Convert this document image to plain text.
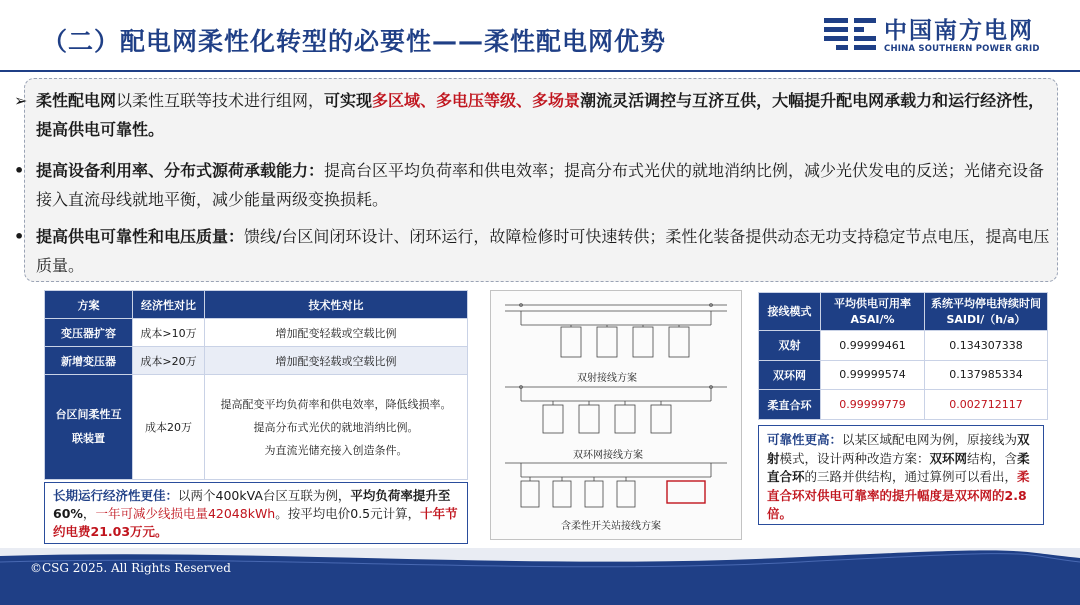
（二）配电网柔性化转型的必要性——柔性配电网优势	中国南方电网
CHINA SOUTHERN POWER GRID
➢ 柔性配电网以柔性互联等技术进行组网，可实现多区域、多电压等级、多场景潮流灵活调控与互济互供，大幅提升配电网承载力和运行经济性，提高供电可靠性。
• 提高设备利用率、分布式源荷承载能力：提高台区平均负荷率和供电效率；提高分布式光伏的就地消纳比例，减少光伏发电的反送；光储充设备接入直流母线就地平衡，减少能量两级变换损耗。
• 提高供电可靠性和电压质量：馈线/台区间闭环设计、闭环运行，故障检修时可快速转供；柔性化装备提供动态无功支持稳定节点电压，提高电压质量。
方案	经济性对比	技术性对比
变压器扩容	成本>10万	增加配变轻载或空载比例
新增变压器	成本>20万	增加配变轻载或空载比例
台区间柔性互联装置	成本20万	提高配变平均负荷率和供电效率，降低线损率。
提高分布式光伏的就地消纳比例。
为直流光储充接入创造条件。
长期运行经济性更佳：以两个400kVA台区互联为例，平均负荷率提升至60%，一年可减少线损电量42048kWh。按平均电价0.5元计算，十年节约电费21.03万元。
双射接线方案
双环网接线方案
含柔性开关站接线方案
接线模式	平均供电可用率ASAI/%	系统平均停电持续时间SAIDI/（h/a）
双射	0.99999461	0.134307338
双环网	0.99999574	0.137985334
柔直合环	0.99999779	0.002712117
可靠性更高：以某区域配电网为例，原接线为双射模式，设计两种改造方案：双环网结构，含柔直合环的三路并供结构，通过算例可以看出，柔直合环对供电可靠率的提升幅度是双环网的2.8倍。
©CSG 2025. All Rights Reserved
